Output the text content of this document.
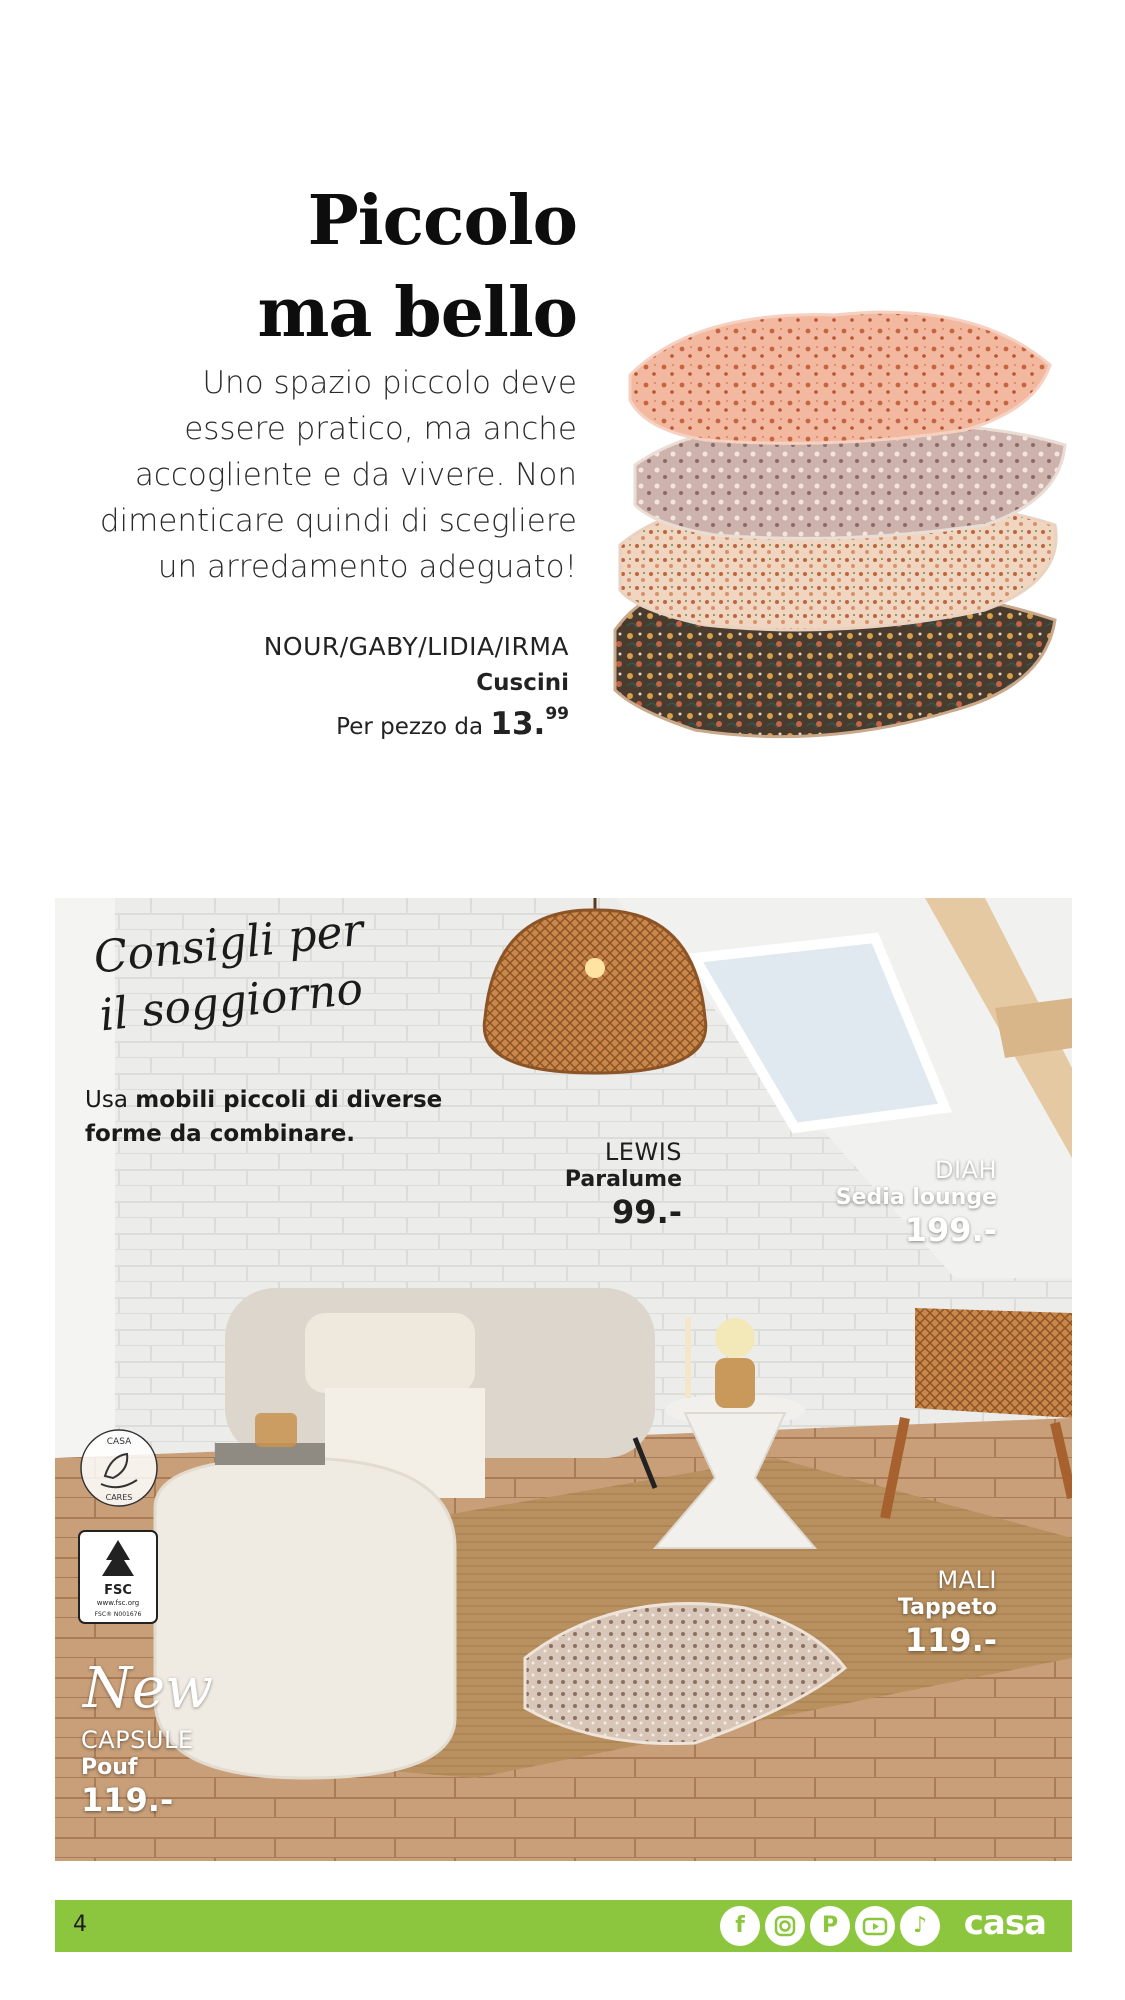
Piccolo
ma bello
Uno spazio piccolo deve
essere pratico, ma anche
accogliente e da vivere. Non
dimenticare quindi di scegliere
un arredamento adeguato!
NOUR/GABY/LIDIA/IRMA
Cuscini
Per pezzo da 13.99
Consigli per
il soggiorno
Usa mobili piccoli di diverse forme da combinare.
LEWIS
Paralume
99.-
DIAH
Sedia lounge
199.-
MALI
Tappeto
119.-
New
CAPSULE
Pouf
119.-
CASA
CARES
FSC
www.fsc.org
FSC® N001676
4	f	P	♪	casa
